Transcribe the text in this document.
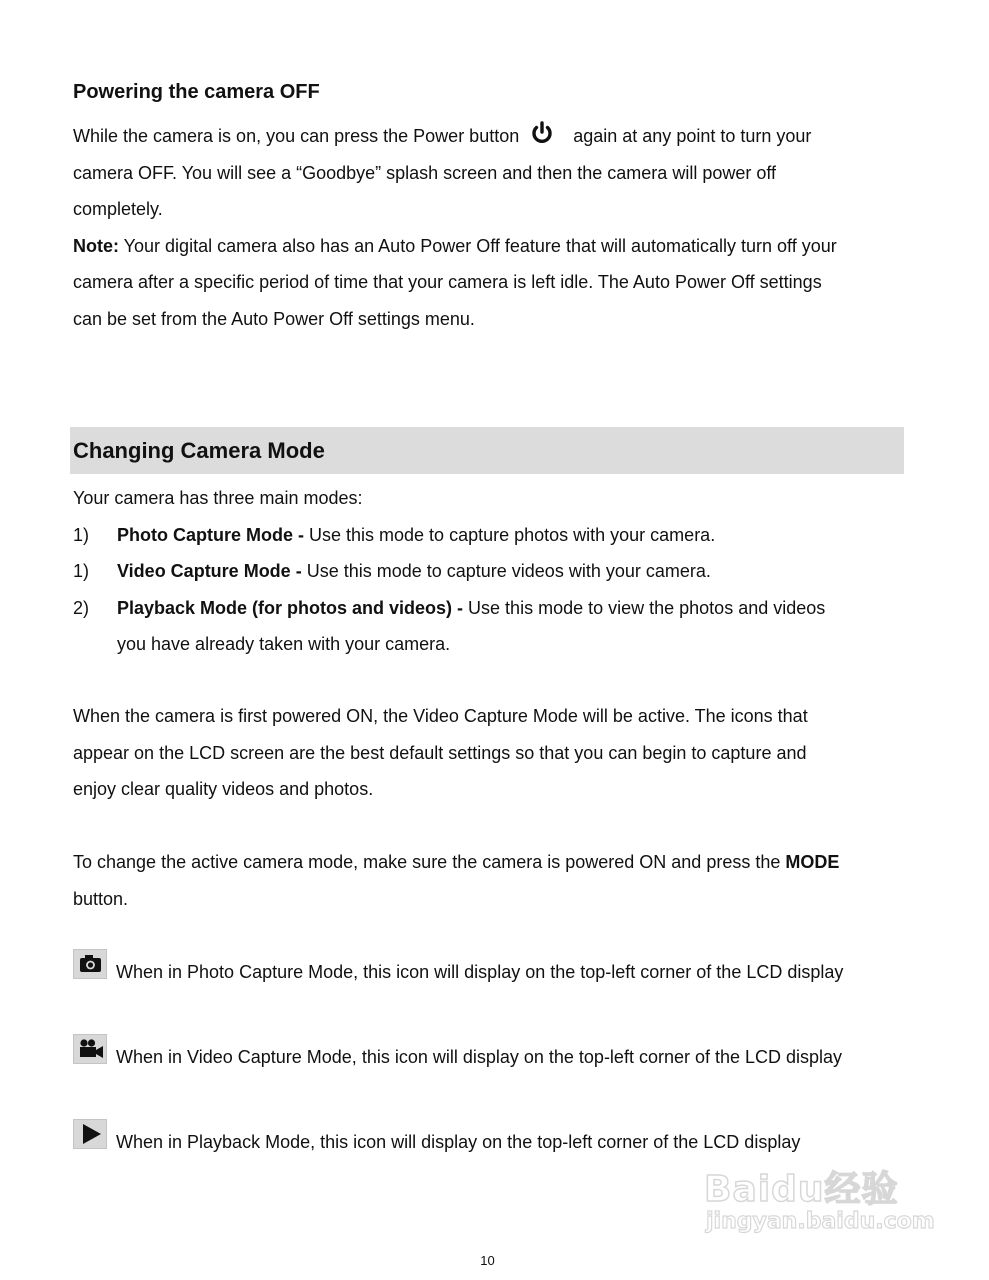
Powering the camera OFF
While the camera is on, you can press the Power button	again at any point to turn your
camera OFF. You will see a “Goodbye” splash screen and then the camera will power off
completely.
Note: Your digital camera also has an Auto Power Off feature that will automatically turn off your
camera after a specific period of time that your camera is left idle. The Auto Power Off settings
can be set from the Auto Power Off settings menu.
Changing Camera Mode
Your camera has three main modes:
1) Photo Capture Mode - Use this mode to capture photos with your camera.
1) Video Capture Mode - Use this mode to capture videos with your camera.
2) Playback Mode (for photos and videos) - Use this mode to view the photos and videos
you have already taken with your camera.
When the camera is first powered ON, the Video Capture Mode will be active. The icons that
appear on the LCD screen are the best default settings so that you can begin to capture and
enjoy clear quality videos and photos.
To change the active camera mode, make sure the camera is powered ON and press the MODE
button.
When in Photo Capture Mode, this icon will display on the top-left corner of the LCD display
When in Video Capture Mode, this icon will display on the top-left corner of the LCD display
When in Playback Mode, this icon will display on the top-left corner of the LCD display
Baidu经验
jingyan.baidu.com
10
